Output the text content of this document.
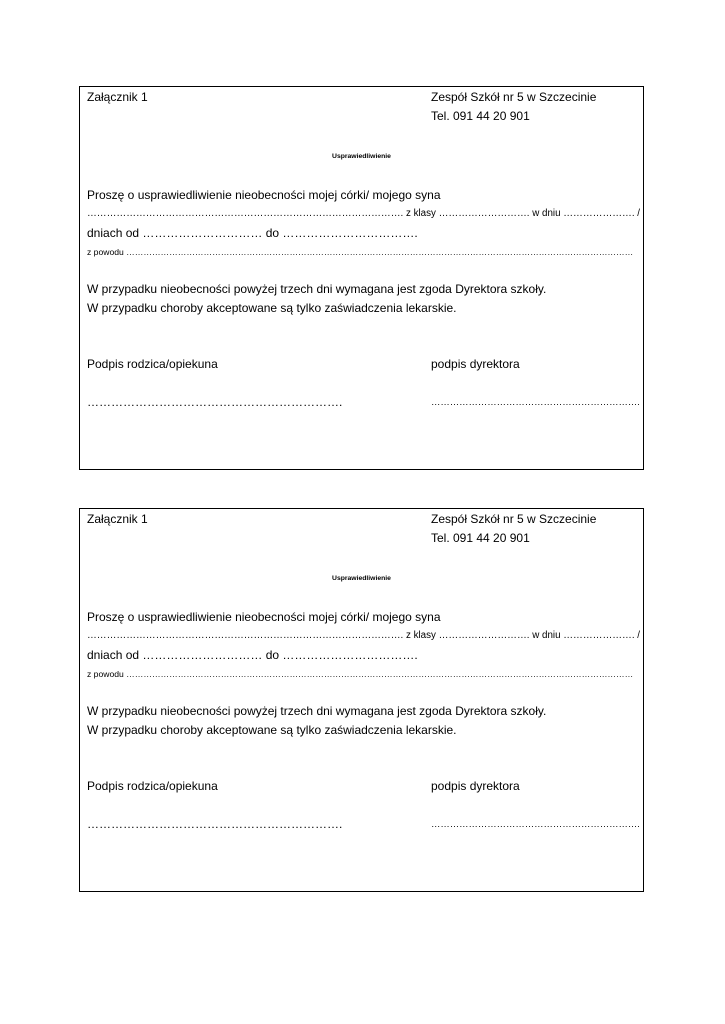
Załącznik 1	Zespół Szkół nr 5 w Szczecinie
Tel. 091 44 20 901
Usprawiedliwienie
Proszę o usprawiedliwienie nieobecności mojej córki/ mojego syna
……………………………………………………………………………………. z klasy ………………………. w dniu …………………. /
dniach od ………………………… do …………………………….
z powodu ……………………………………………………………………………………………………………………………………………………………
W przypadku nieobecności powyżej trzech dni wymagana jest zgoda Dyrektora szkoły.
W przypadku choroby akceptowane są tylko zaświadczenia lekarskie.
Podpis rodzica/opiekuna	podpis dyrektora
……………………………………………………….	………………………………………………………….
Załącznik 1	Zespół Szkół nr 5 w Szczecinie
Tel. 091 44 20 901
Usprawiedliwienie
Proszę o usprawiedliwienie nieobecności mojej córki/ mojego syna
……………………………………………………………………………………. z klasy ………………………. w dniu …………………. /
dniach od ………………………… do …………………………….
z powodu ……………………………………………………………………………………………………………………………………………………………
W przypadku nieobecności powyżej trzech dni wymagana jest zgoda Dyrektora szkoły.
W przypadku choroby akceptowane są tylko zaświadczenia lekarskie.
Podpis rodzica/opiekuna	podpis dyrektora
……………………………………………………….	………………………………………………………….
